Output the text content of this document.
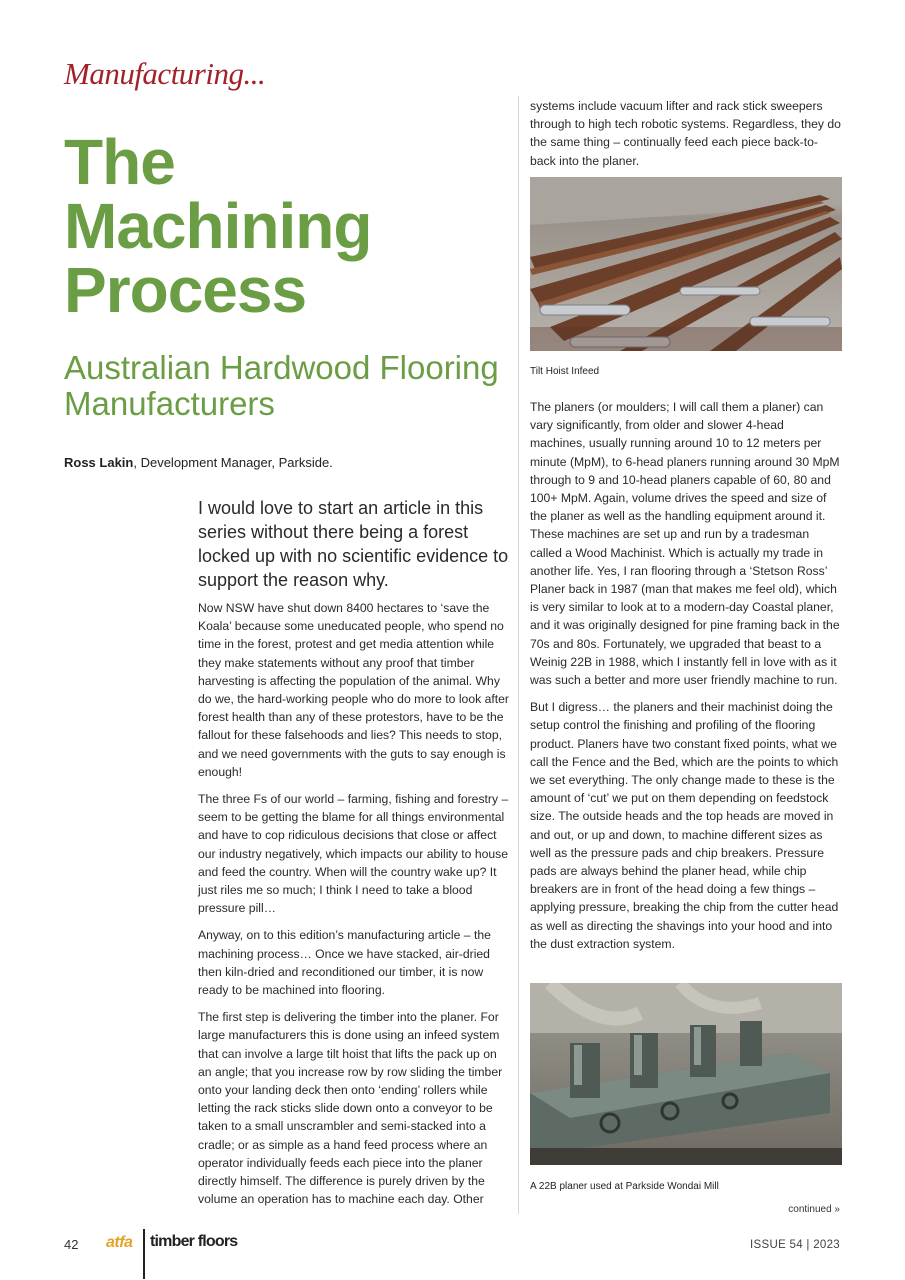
Manufacturing...
The Machining Process
Australian Hardwood Flooring Manufacturers
Ross Lakin, Development Manager, Parkside.
I would love to start an article in this series without there being a forest locked up with no scientific evidence to support the reason why.

Now NSW have shut down 8400 hectares to ‘save the Koala’ because some uneducated people, who spend no time in the forest, protest and get media attention while they make statements without any proof that timber harvesting is affecting the population of the animal. Why do we, the hard-working people who do more to look after forest health than any of these protestors, have to be the fallout for these falsehoods and lies? This needs to stop, and we need governments with the guts to say enough is enough!

The three Fs of our world – farming, fishing and forestry – seem to be getting the blame for all things environmental and have to cop ridiculous decisions that close or affect our industry negatively, which impacts our ability to house and feed the country. When will the country wake up? It just riles me so much; I think I need to take a blood pressure pill…

Anyway, on to this edition’s manufacturing article – the machining process… Once we have stacked, air-dried then kiln-dried and reconditioned our timber, it is now ready to be machined into flooring.

The first step is delivering the timber into the planer. For large manufacturers this is done using an infeed system that can involve a large tilt hoist that lifts the pack up on an angle; that you increase row by row sliding the timber onto your landing deck then onto ‘ending’ rollers while letting the rack sticks slide down onto a conveyor to be taken to a small unscrambler and semi-stacked into a cradle; or as simple as a hand feed process where an operator individually feeds each piece into the planer directly himself. The difference is purely driven by the volume an operation has to machine each day. Other

systems include vacuum lifter and rack stick sweepers through to high tech robotic systems. Regardless, they do the same thing – continually feed each piece back-to-back into the planer.

Tilt Hoist Infeed

The planers (or moulders; I will call them a planer) can vary significantly, from older and slower 4-head machines, usually running around 10 to 12 meters per minute (MpM), to 6-head planers running around 30 MpM through to 9 and 10-head planers capable of 60, 80 and 100+ MpM. Again, volume drives the speed and size of the planer as well as the handling equipment around it. These machines are set up and run by a tradesman called a Wood Machinist. Which is actually my trade in another life. Yes, I ran flooring through a ‘Stetson Ross’ Planer back in 1987 (man that makes me feel old), which is very similar to look at to a modern-day Coastal planer, and it was originally designed for pine framing back in the 70s and 80s. Fortunately, we upgraded that beast to a Weinig 22B in 1988, which I instantly fell in love with as it was such a better and more user friendly machine to run.

But I digress… the planers and their machinist doing the setup control the finishing and profiling of the flooring product. Planers have two constant fixed points, what we call the Fence and the Bed, which are the points to which we set everything. The only change made to these is the amount of ‘cut’ we put on them depending on feedstock size. The outside heads and the top heads are moved in and out, or up and down, to machine different sizes as well as the pressure pads and chip breakers. Pressure pads are always behind the planer head, while chip breakers are in front of the head doing a few things – applying pressure, breaking the chip from the cutter head as well as directing the shavings into your hood and into the dust extraction system.

A 22B planer used at Parkside Wondai Mill
continued »
42 atfa timber floors	ISSUE 54 | 2023
